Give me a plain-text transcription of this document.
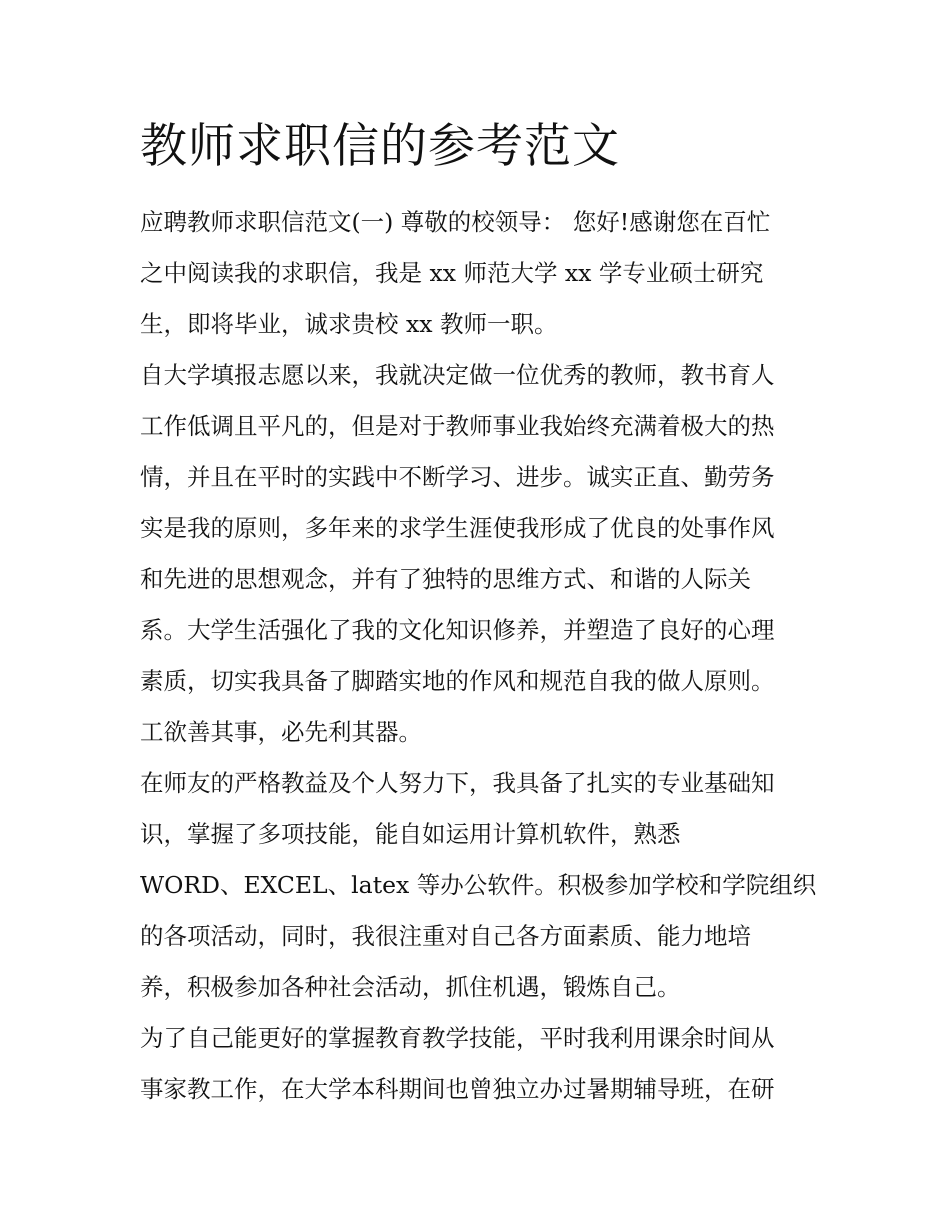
教师求职信的参考范文

应聘教师求职信范文(一) 尊敬的校领导： 您好!感谢您在百忙

之中阅读我的求职信，我是 xx 师范大学 xx 学专业硕士研究

生，即将毕业，诚求贵校 xx 教师一职。

自大学填报志愿以来，我就决定做一位优秀的教师，教书育人

工作低调且平凡的，但是对于教师事业我始终充满着极大的热

情，并且在平时的实践中不断学习、进步。诚实正直、勤劳务

实是我的原则，多年来的求学生涯使我形成了优良的处事作风

和先进的思想观念，并有了独特的思维方式、和谐的人际关

系。大学生活强化了我的文化知识修养，并塑造了良好的心理

素质，切实我具备了脚踏实地的作风和规范自我的做人原则。

工欲善其事，必先利其器。

在师友的严格教益及个人努力下，我具备了扎实的专业基础知

识，掌握了多项技能，能自如运用计算机软件，熟悉

WORD、EXCEL、latex 等办公软件。积极参加学校和学院组织

的各项活动，同时，我很注重对自己各方面素质、能力地培

养，积极参加各种社会活动，抓住机遇，锻炼自己。

为了自己能更好的掌握教育教学技能，平时我利用课余时间从

事家教工作，在大学本科期间也曾独立办过暑期辅导班，在研
